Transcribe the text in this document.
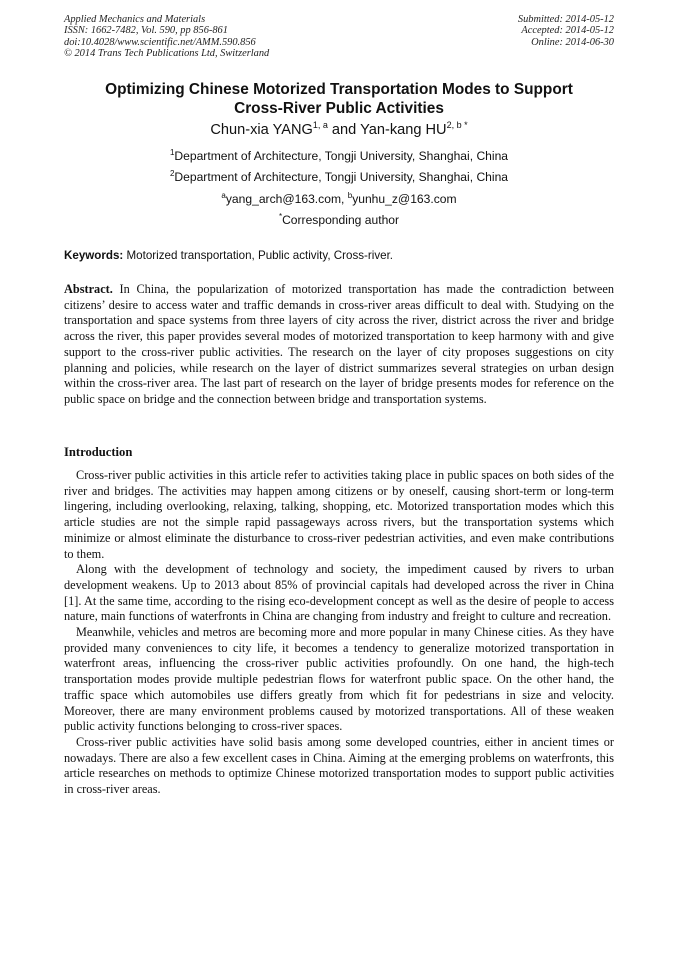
Applied Mechanics and Materials
ISSN: 1662-7482, Vol. 590, pp 856-861
doi:10.4028/www.scientific.net/AMM.590.856
© 2014 Trans Tech Publications Ltd, Switzerland
Submitted: 2014-05-12
Accepted: 2014-05-12
Online: 2014-06-30
Optimizing Chinese Motorized Transportation Modes to Support
Cross-River Public Activities
Chun-xia YANG$^{1, a}$ and Yan-kang $HU^{2, b *}$
$^1$Department of Architecture, Tongji University, Shanghai, China
$^2$Department of Architecture, Tongji University, Shanghai, China
$^a$yang_arch@163.com, $^b$yunhu_z@163.com
*Corresponding author
Keywords: Motorized transportation, Public activity, Cross-river.
Abstract. In China, the popularization of motorized transportation has made the contradiction between citizens’ desire to access water and traffic demands in cross-river areas difficult to deal with. Studying on the transportation and space systems from three layers of city across the river, district across the river and bridge across the river, this paper provides several modes of motorized transportation to keep harmony with and give support to the cross-river public activities. The research on the layer of city proposes suggestions on city planning and policies, while research on the layer of district summarizes several strategies on urban design within the cross-river area. The last part of research on the layer of bridge presents modes for reference on the public space on bridge and the connection between bridge and transportation systems.
Introduction

Cross-river public activities in this article refer to activities taking place in public spaces on both sides of the river and bridges. The activities may happen among citizens or by oneself, causing short-term or long-term lingering, including overlooking, relaxing, talking, shopping, etc. Motorized transportation modes which this article studies are not the simple rapid passageways across rivers, but the transportation systems which minimize or almost eliminate the disturbance to cross-river pedestrian activities, and even make contributions to them.

Along with the development of technology and society, the impediment caused by rivers to urban development weakens. Up to 2013 about 85% of provincial capitals had developed across the river in China [1]. At the same time, according to the rising eco-development concept as well as the desire of people to access nature, main functions of waterfronts in China are changing from industry and freight to culture and recreation.

Meanwhile, vehicles and metros are becoming more and more popular in many Chinese cities. As they have provided many conveniences to city life, it becomes a tendency to generalize motorized transportation in waterfront areas, influencing the cross-river public activities profoundly. On one hand, the high-tech transportation modes provide multiple pedestrian flows for waterfront public space. On the other hand, the traffic space which automobiles use differs greatly from which fit for pedestrians in size and velocity. Moreover, there are many environment problems caused by motorized transportations. All of these weaken public activity functions belonging to cross-river spaces.

Cross-river public activities have solid basis among some developed countries, either in ancient times or nowadays. There are also a few excellent cases in China. Aiming at the emerging problems on waterfronts, this article researches on methods to optimize Chinese motorized transportation modes to support public activities in cross-river areas.
